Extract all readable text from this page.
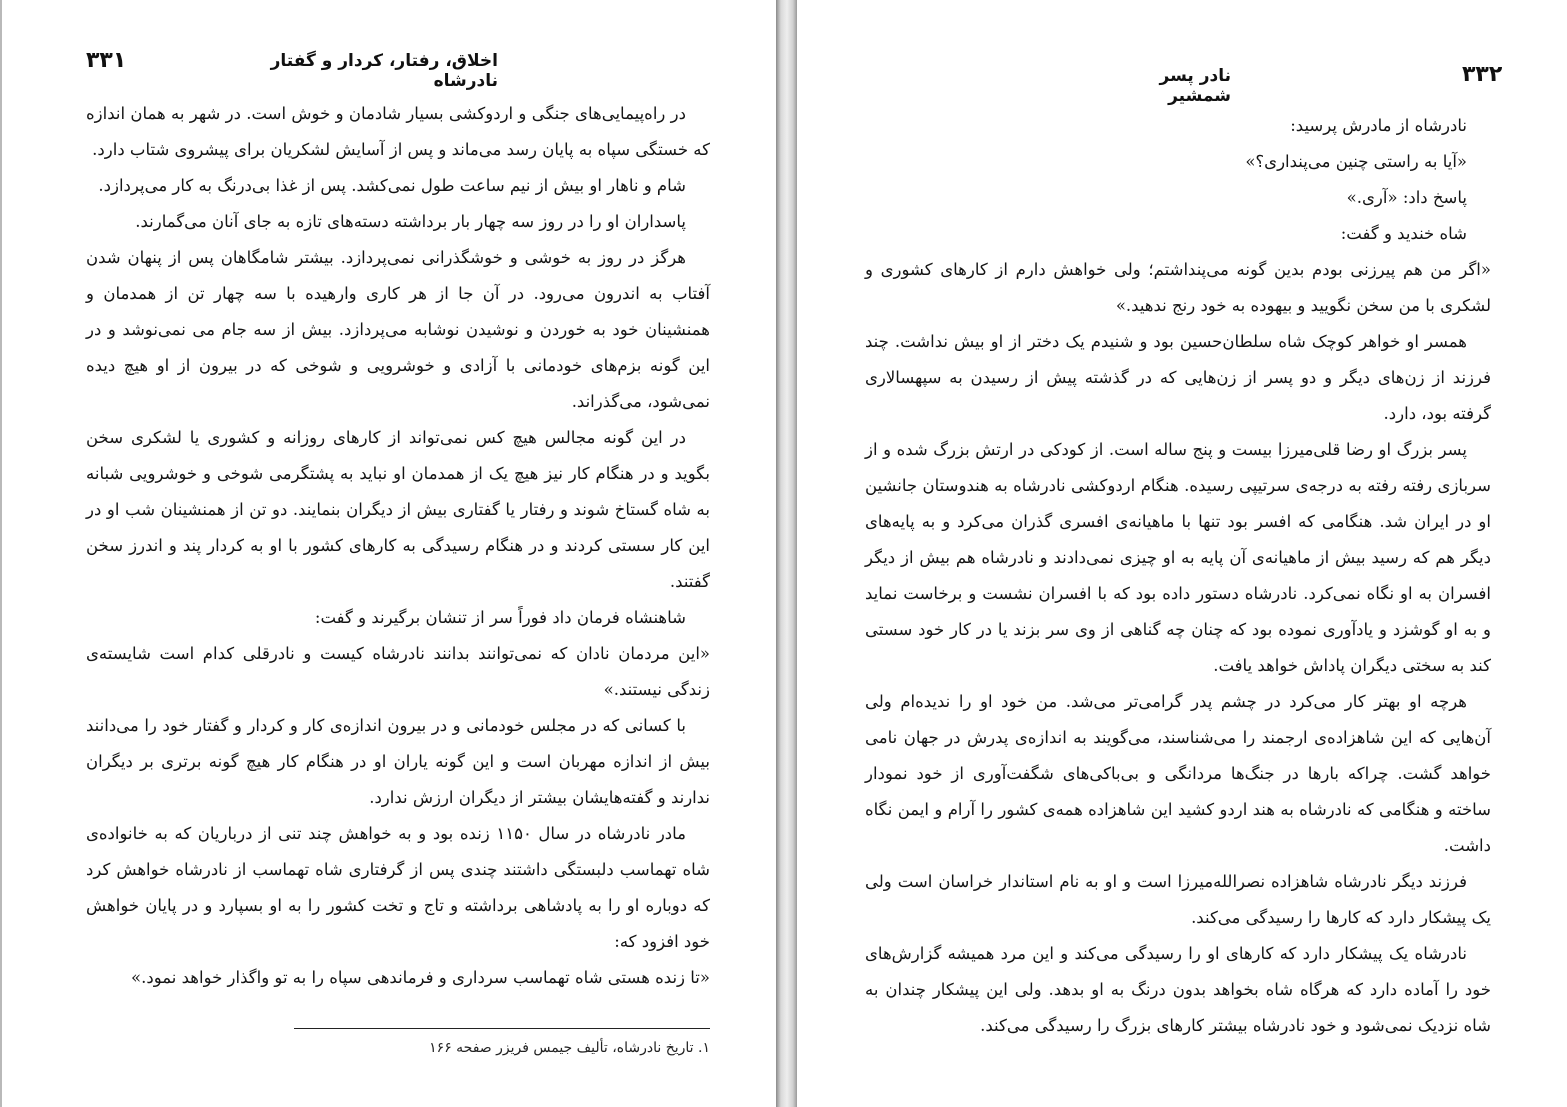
۳۳۱	اخلاق، رفتار، کردار و گفتار نادرشاه

در راه‌پیمایی‌های جنگی و اردوکشی بسیار شادمان و خوش است. در شهر به همان اندازه که خستگی سپاه به پایان رسد می‌ماند و پس از آسایش لشکریان برای پیشروی شتاب دارد.

شام و ناهار او بیش از نیم ساعت طول نمی‌کشد. پس از غذا بی‌درنگ به کار می‌پردازد.

پاسداران او را در روز سه چهار بار برداشته دسته‌های تازه به جای آنان می‌گمارند.

هرگز در روز به خوشی و خوشگذرانی نمی‌پردازد. بیشتر شامگاهان پس از پنهان شدن آفتاب به اندرون می‌رود. در آن جا از هر کاری وارهیده با سه چهار تن از همدمان و همنشینان خود به خوردن و نوشیدن نوشابه می‌پردازد. بیش از سه جام می نمی‌نوشد و در این گونه بزم‌های خودمانی با آزادی و خوشرویی و شوخی که در بیرون از او هیچ دیده نمی‌شود، می‌گذراند.

در این گونه مجالس هیچ کس نمی‌تواند از کارهای روزانه و کشوری یا لشکری سخن بگوید و در هنگام کار نیز هیچ یک از همدمان او نباید به پشتگرمی شوخی و خوشرویی شبانه به شاه گستاخ شوند و رفتار یا گفتاری بیش از دیگران بنمایند. دو تن از همنشینان شب او در این کار سستی کردند و در هنگام رسیدگی به کارهای کشور با او به کردار پند و اندرز سخن گفتند.

شاهنشاه فرمان داد فوراً سر از تنشان برگیرند و گفت:

«این مردمان نادان که نمی‌توانند بدانند نادرشاه کیست و نادرقلی کدام است شایسته‌ی زندگی نیستند.»

با کسانی که در مجلس خودمانی و در بیرون اندازه‌ی کار و کردار و گفتار خود را می‌دانند بیش از اندازه مهربان است و این گونه یاران او در هنگام کار هیچ گونه برتری بر دیگران ندارند و گفته‌هایشان بیشتر از دیگران ارزش ندارد.

مادر نادرشاه در سال ۱۱۵۰ زنده بود و به خواهش چند تنی از درباریان که به خانواده‌ی شاه تهماسب دلبستگی داشتند چندی پس از گرفتاری شاه تهماسب از نادرشاه خواهش کرد که دوباره او را به پادشاهی برداشته و تاج و تخت کشور را به او بسپارد و در پایان خواهش خود افزود که:

«تا زنده هستی شاه تهماسب سرداری و فرماندهی سپاه را به تو واگذار خواهد نمود.»

۱. تاریخ نادرشاه، تألیف جیمس فریزر صفحه ۱۶۶
۳۳۲
نادر پسر شمشیر

نادرشاه از مادرش پرسید:

«آیا به راستی چنین می‌پنداری؟»

پاسخ داد: «آری.»

شاه خندید و گفت:

«اگر من هم پیرزنی بودم بدین گونه می‌پنداشتم؛ ولی خواهش دارم از کارهای کشوری و لشکری با من سخن نگویید و بیهوده به خود رنج ندهید.»

همسر او خواهر کوچک شاه سلطان‌حسین بود و شنیدم یک دختر از او بیش نداشت. چند فرزند از زن‌های دیگر و دو پسر از زن‌هایی که در گذشته پیش از رسیدن به سپهسالاری گرفته بود، دارد.

پسر بزرگ او رضا قلی‌میرزا بیست و پنج ساله است. از کودکی در ارتش بزرگ شده و از سربازی رفته رفته به درجه‌ی سرتیپی رسیده. هنگام اردوکشی نادرشاه به هندوستان جانشین او در ایران شد. هنگامی که افسر بود تنها با ماهیانه‌ی افسری گذران می‌کرد و به پایه‌های دیگر هم که رسید بیش از ماهیانه‌ی آن پایه به او چیزی نمی‌دادند و نادرشاه هم بیش از دیگر افسران به او نگاه نمی‌کرد. نادرشاه دستور داده بود که با افسران نشست و برخاست نماید و به او گوشزد و یادآوری نموده بود که چنان چه گناهی از وی سر بزند یا در کار خود سستی کند به سختی دیگران پاداش خواهد یافت.

هرچه او بهتر کار می‌کرد در چشم پدر گرامی‌تر می‌شد. من خود او را ندیده‌ام ولی آن‌هایی که این شاهزاده‌ی ارجمند را می‌شناسند، می‌گویند به اندازه‌ی پدرش در جهان نامی خواهد گشت. چراکه بارها در جنگ‌ها مردانگی و بی‌باکی‌های شگفت‌آوری از خود نمودار ساخته و هنگامی که نادرشاه به هند اردو کشید این شاهزاده همه‌ی کشور را آرام و ایمن نگاه داشت.

فرزند دیگر نادرشاه شاهزاده نصرالله‌میرزا است و او به نام استاندار خراسان است ولی یک پیشکار دارد که کارها را رسیدگی می‌کند.

نادرشاه یک پیشکار دارد که کارهای او را رسیدگی می‌کند و این مرد همیشه گزارش‌های خود را آماده دارد که هرگاه شاه بخواهد بدون درنگ به او بدهد. ولی این پیشکار چندان به شاه نزدیک نمی‌شود و خود نادرشاه بیشتر کارهای بزرگ را رسیدگی می‌کند.
